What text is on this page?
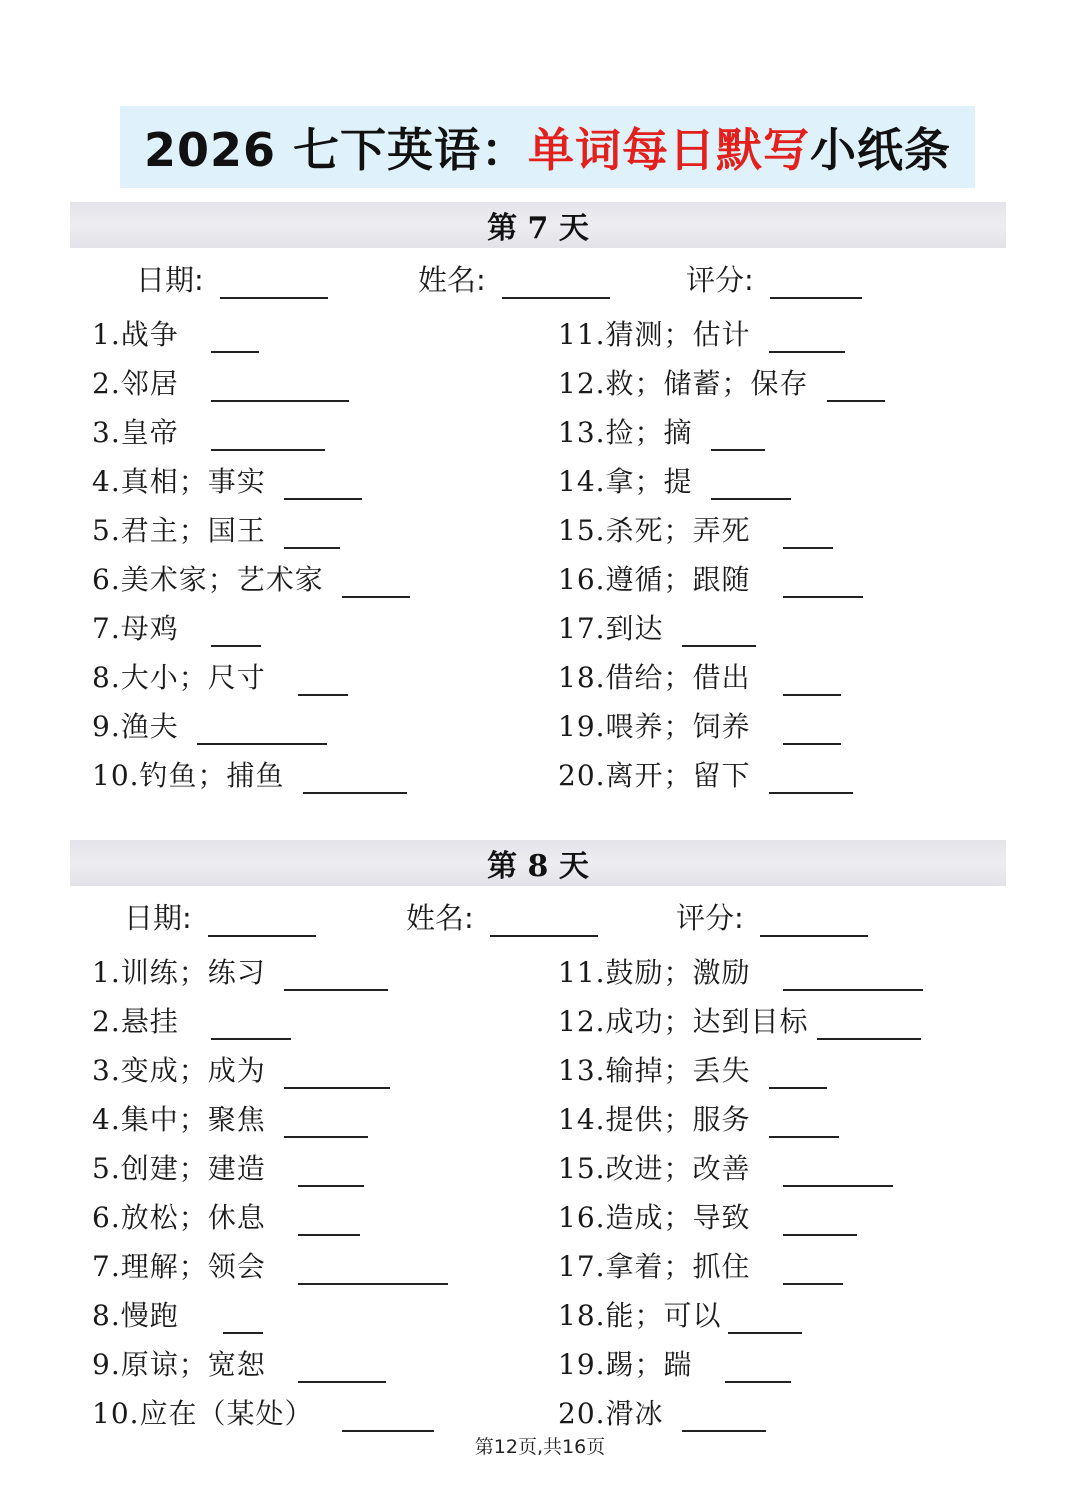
2026 七下英语： 单词每日默写 小纸条
第 7 天
日期:	姓名:	评分:
1.战争
2.邻居
3.皇帝
4.真相；事实
5.君主；国王
6.美术家；艺术家
7.母鸡
8.大小；尺寸
9.渔夫
10.钓鱼；捕鱼
11.猜测；估计
12.救；储蓄；保存
13.捡；摘
14.拿；提
15.杀死；弄死
16.遵循；跟随
17.到达
18.借给；借出
19.喂养；饲养
20.离开；留下
第 8 天
日期:	姓名:	评分:
1.训练；练习
2.悬挂
3.变成；成为
4.集中；聚焦
5.创建；建造
6.放松；休息
7.理解；领会
8.慢跑
9.原谅；宽恕
10.应在（某处）
11.鼓励；激励
12.成功；达到目标
13.输掉；丢失
14.提供；服务
15.改进；改善
16.造成；导致
17.拿着；抓住
18.能；可以
19.踢；踹
20.滑冰
第12页,共16页
